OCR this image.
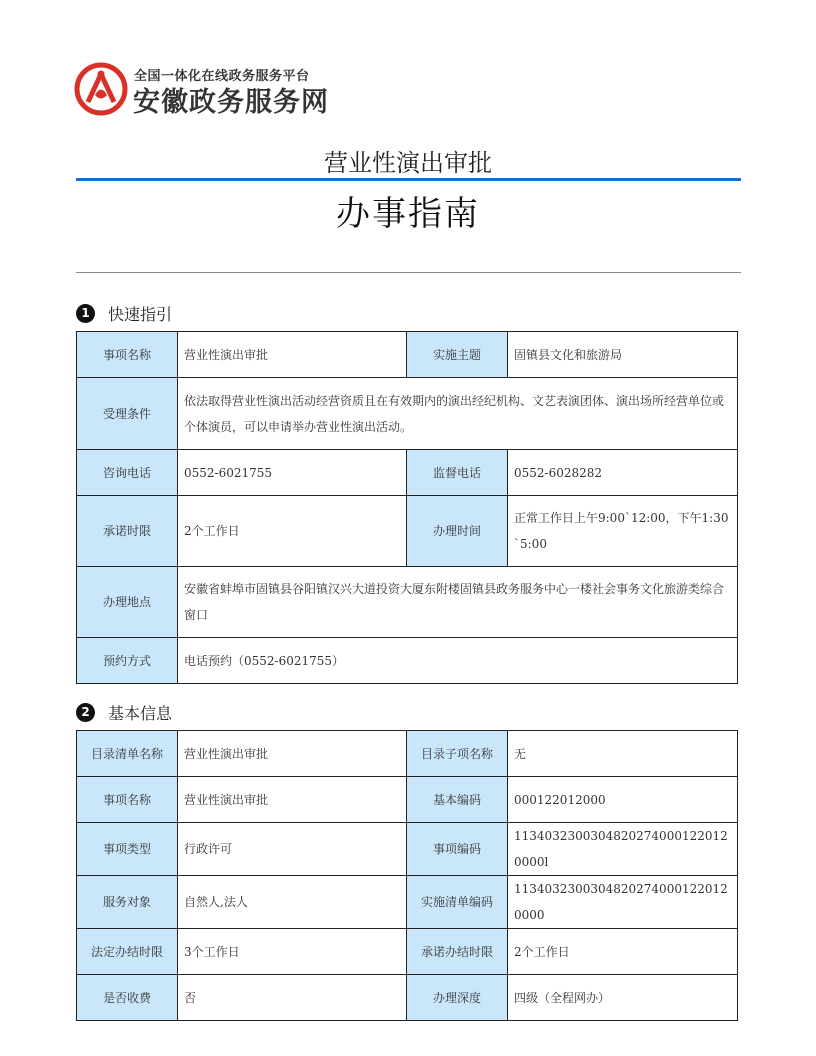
全国一体化在线政务服务平台
安徽政务服务网
营业性演出审批
办事指南
1	快速指引
事项名称	营业性演出审批	实施主题	固镇县文化和旅游局
受理条件	依法取得营业性演出活动经营资质且在有效期内的演出经纪机构、文艺表演团体、演出场所经营单位或个体演员，可以申请举办营业性演出活动。		
咨询电话	0552-6021755	监督电话	0552-6028282
承诺时限	2个工作日	办理时间	正常工作日上午9:00`12:00，下午1:30`5:00
办理地点	安徽省蚌埠市固镇县谷阳镇汉兴大道投资大厦东附楼固镇县政务服务中心一楼社会事务文化旅游类综合窗口		
预约方式	电话预约（0552-6021755）		
2	基本信息
目录清单名称	营业性演出审批	目录子项名称	无
事项名称	营业性演出审批	基本编码	000122012000
事项类型	行政许可	事项编码	11340323003048202740001220120000l
服务对象	自然人,法人	实施清单编码	11340323003048202740001220120000
法定办结时限	3个工作日	承诺办结时限	2个工作日
是否收费	否	办理深度	四级（全程网办）
